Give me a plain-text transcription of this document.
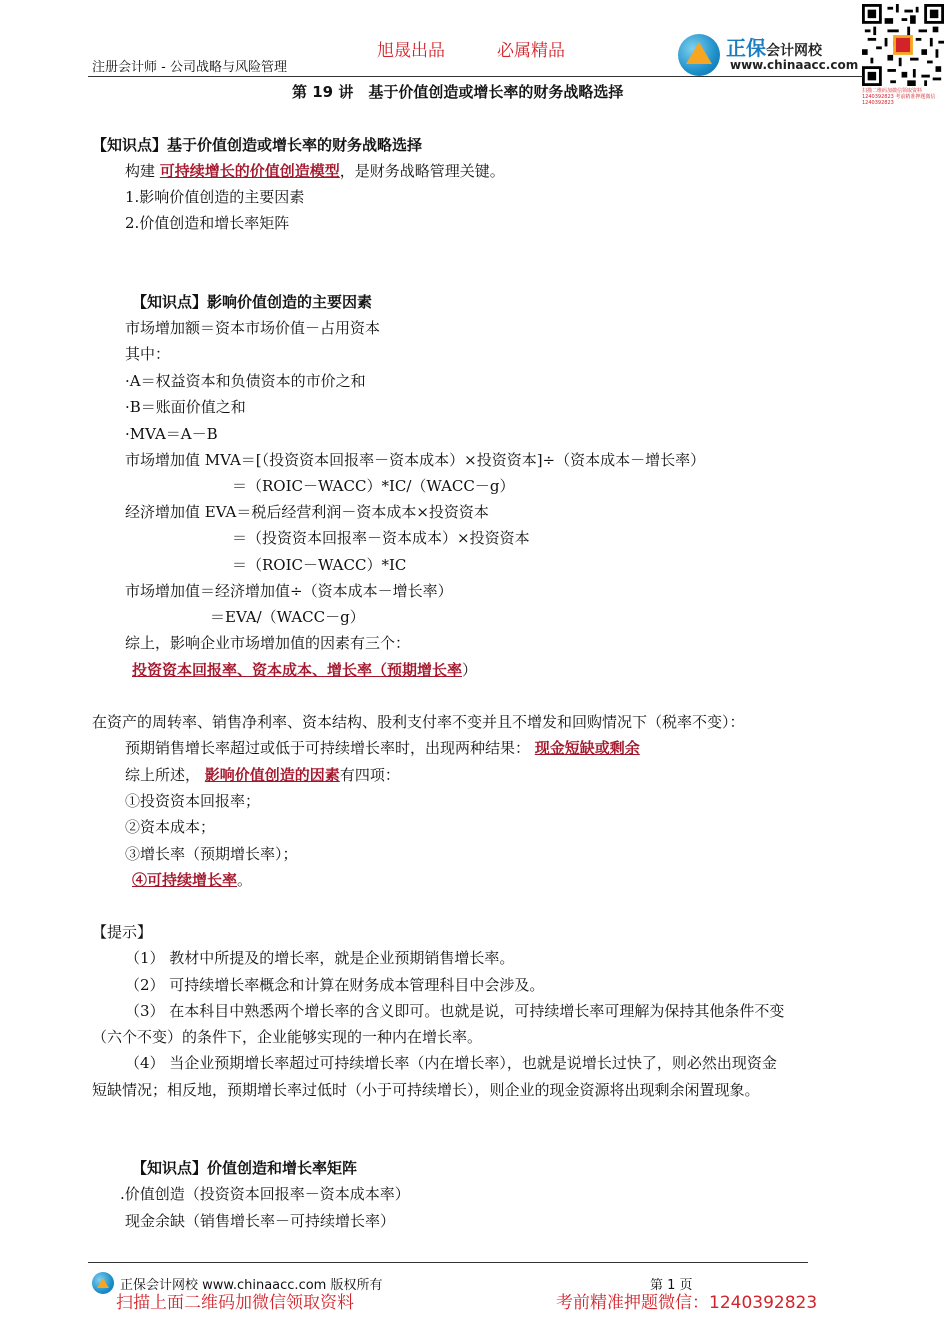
旭晟出品	必属精品
注册会计师 - 公司战略与风险管理
正保会计网校
www.chinaacc.com
扫描二维码加微信领取资料 1240392823 考前精准押题微信 1240392823
第 19 讲　基于价值创造或增长率的财务战略选择
【知识点】基于价值创造或增长率的财务战略选择
构建 可持续增长的价值创造模型，是财务战略管理关键。
1.影响价值创造的主要因素
2.价值创造和增长率矩阵
【知识点】影响价值创造的主要因素
市场增加额＝资本市场价值－占用资本
其中：
·A＝权益资本和负债资本的市价之和
·B＝账面价值之和
·MVA＝A－B
市场增加值 MVA＝[（投资资本回报率－资本成本）×投资资本]÷（资本成本－增长率）
＝（ROIC－WACC）*IC/（WACC－g）
经济增加值 EVA＝税后经营利润－资本成本×投资资本
＝（投资资本回报率－资本成本）×投资资本
＝（ROIC－WACC）*IC
市场增加值＝经济增加值÷（资本成本－增长率）
＝EVA/（WACC－g）
综上，影响企业市场增加值的因素有三个：
投资资本回报率、资本成本、增长率（预期增长率）
在资产的周转率、销售净利率、资本结构、股利支付率不变并且不增发和回购情况下（税率不变）：
预期销售增长率超过或低于可持续增长率时，出现两种结果： 现金短缺或剩余
综上所述， 影响价值创造的因素有四项：
①投资资本回报率；
②资本成本；
③增长率（预期增长率）；
④可持续增长率。
【提示】
（1） 教材中所提及的增长率，就是企业预期销售增长率。
（2） 可持续增长率概念和计算在财务成本管理科目中会涉及。
（3） 在本科目中熟悉两个增长率的含义即可。也就是说，可持续增长率可理解为保持其他条件不变
（六个不变）的条件下，企业能够实现的一种内在增长率。
（4） 当企业预期增长率超过可持续增长率（内在增长率），也就是说增长过快了，则必然出现资金
短缺情况；相反地，预期增长率过低时（小于可持续增长），则企业的现金资源将出现剩余闲置现象。
【知识点】价值创造和增长率矩阵
.价值创造（投资资本回报率－资本成本率）
现金余缺（销售增长率－可持续增长率）
正保会计网校 www.chinaacc.com 版权所有	第 1 页
扫描上面二维码加微信领取资料	考前精准押题微信：1240392823
